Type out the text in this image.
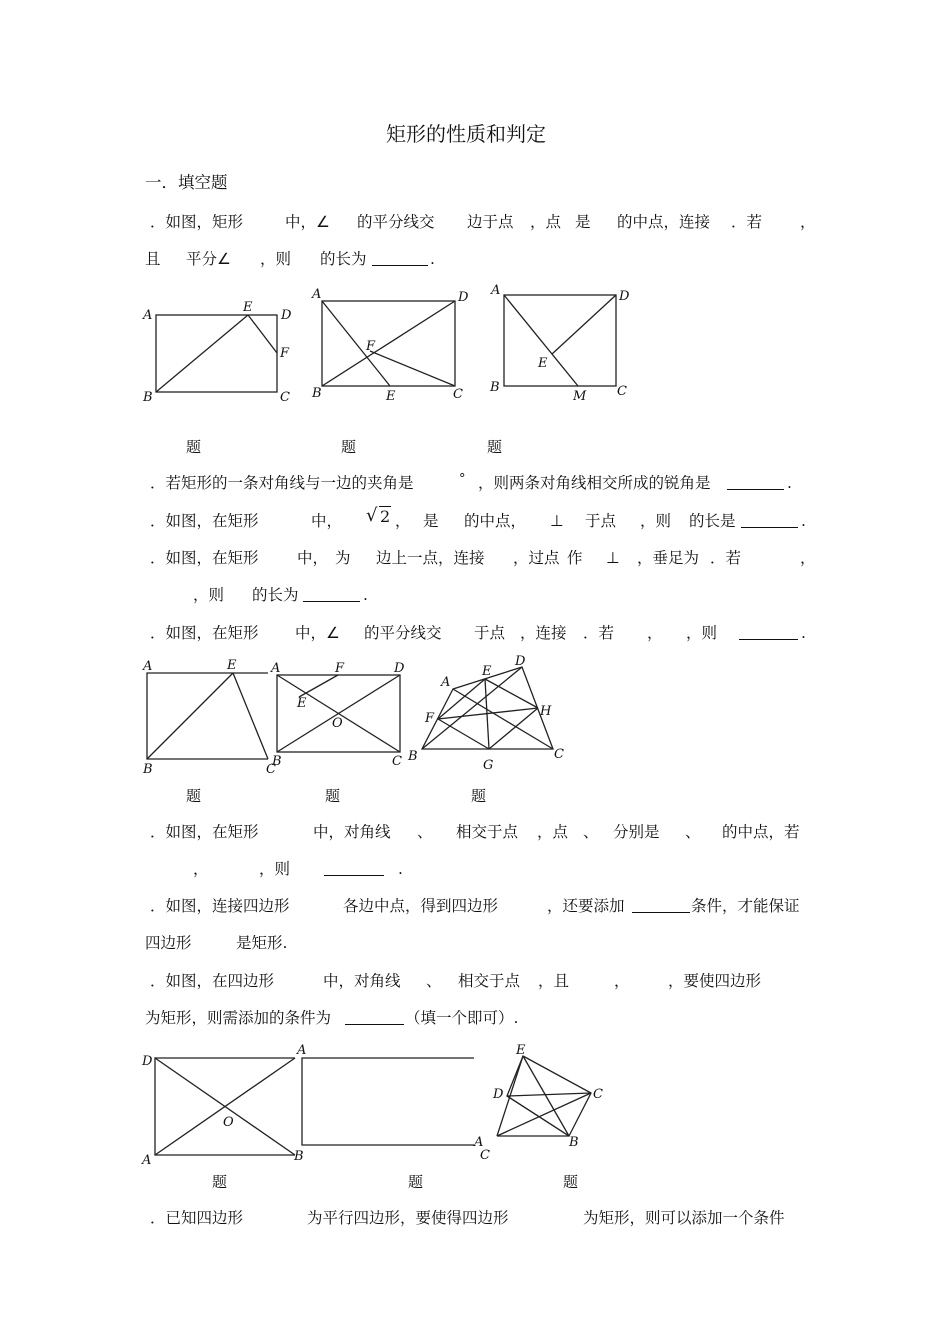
矩形的性质和判定
一．填空题
．如图，矩形	中，∠ 的平分线交 边于点 ，点 是 的中点，连接 ．若 ，
且 平分∠ ，则 的长为	.
A
E
D
F
B	C
A	D
F
B	E	C
A	D
E
B
M C
题	题	题
．若矩形的一条对角线与一边的夹角是	° ，则两条对角线相交所成的锐角是	.
．如图，在矩形	中， √ 2 ， 是 的中点， ⊥ 于点 ，则 的长是	.
．如图，在矩形 中， 为 边上一点，连接 ，过点 作 ⊥ ，垂足为 ．若	，
，则 的长为	.
．如图，在矩形 中，∠ 的平分线交 于点 ，连接 ．若 ， ，则	.
A	E
B	C
A	F	D
E
O
B	C
A
E
D
F	H
B
G
C
题	题	题
．如图，在矩形	中，对角线 、 相交于点 ，点 、 分别是 、 的中点，若
，	，则	.
．如图，连接四边形	各边中点，得到四边形	，还要添加	条件，才能保证
四边形	是矩形.
．如图，在四边形	中，对角线 、 相交于点 ，且	， ，要使四边形
为矩形，则需添加的条件为	（填一个即可）.
D
O
A	B
A
A
C
E
D	C
B
题	题	题
．已知四边形	为平行四边形，要使得四边形	为矩形，则可以添加一个条件
